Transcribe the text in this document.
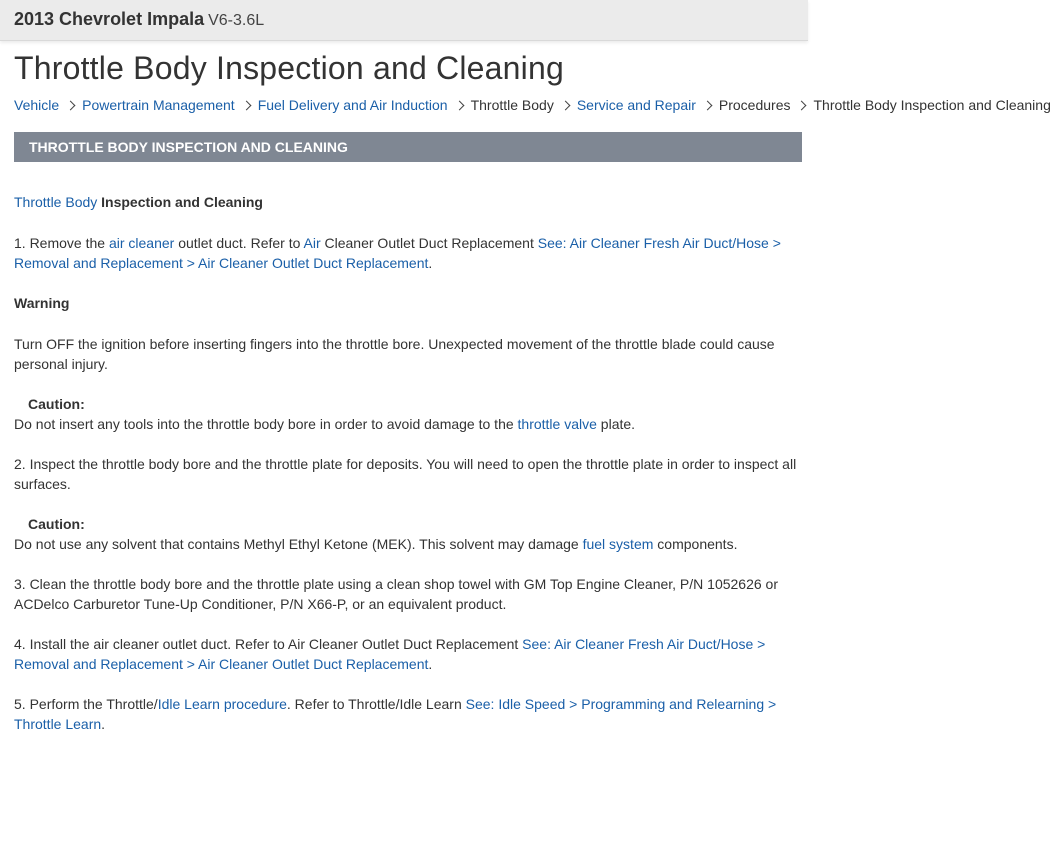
2013 Chevrolet Impala V6-3.6L
Throttle Body Inspection and Cleaning
Vehicle Powertrain Management Fuel Delivery and Air Induction Throttle Body Service and Repair Procedures Throttle Body Inspection and Cleaning
THROTTLE BODY INSPECTION AND CLEANING

Throttle Body Inspection and Cleaning

1. Remove the air cleaner outlet duct. Refer to Air Cleaner Outlet Duct Replacement See: Air Cleaner Fresh Air Duct/Hose > Removal and Replacement > Air Cleaner Outlet Duct Replacement.

Warning

Turn OFF the ignition before inserting fingers into the throttle bore. Unexpected movement of the throttle blade could cause personal injury.

Caution:
Do not insert any tools into the throttle body bore in order to avoid damage to the throttle valve plate.

2. Inspect the throttle body bore and the throttle plate for deposits. You will need to open the throttle plate in order to inspect all surfaces.

Caution:
Do not use any solvent that contains Methyl Ethyl Ketone (MEK). This solvent may damage fuel system components.

3. Clean the throttle body bore and the throttle plate using a clean shop towel with GM Top Engine Cleaner, P/N 1052626 or ACDelco Carburetor Tune-Up Conditioner, P/N X66-P, or an equivalent product.

4. Install the air cleaner outlet duct. Refer to Air Cleaner Outlet Duct Replacement See: Air Cleaner Fresh Air Duct/Hose > Removal and Replacement > Air Cleaner Outlet Duct Replacement.

5. Perform the Throttle/Idle Learn procedure. Refer to Throttle/Idle Learn See: Idle Speed > Programming and Relearning > Throttle Learn.
